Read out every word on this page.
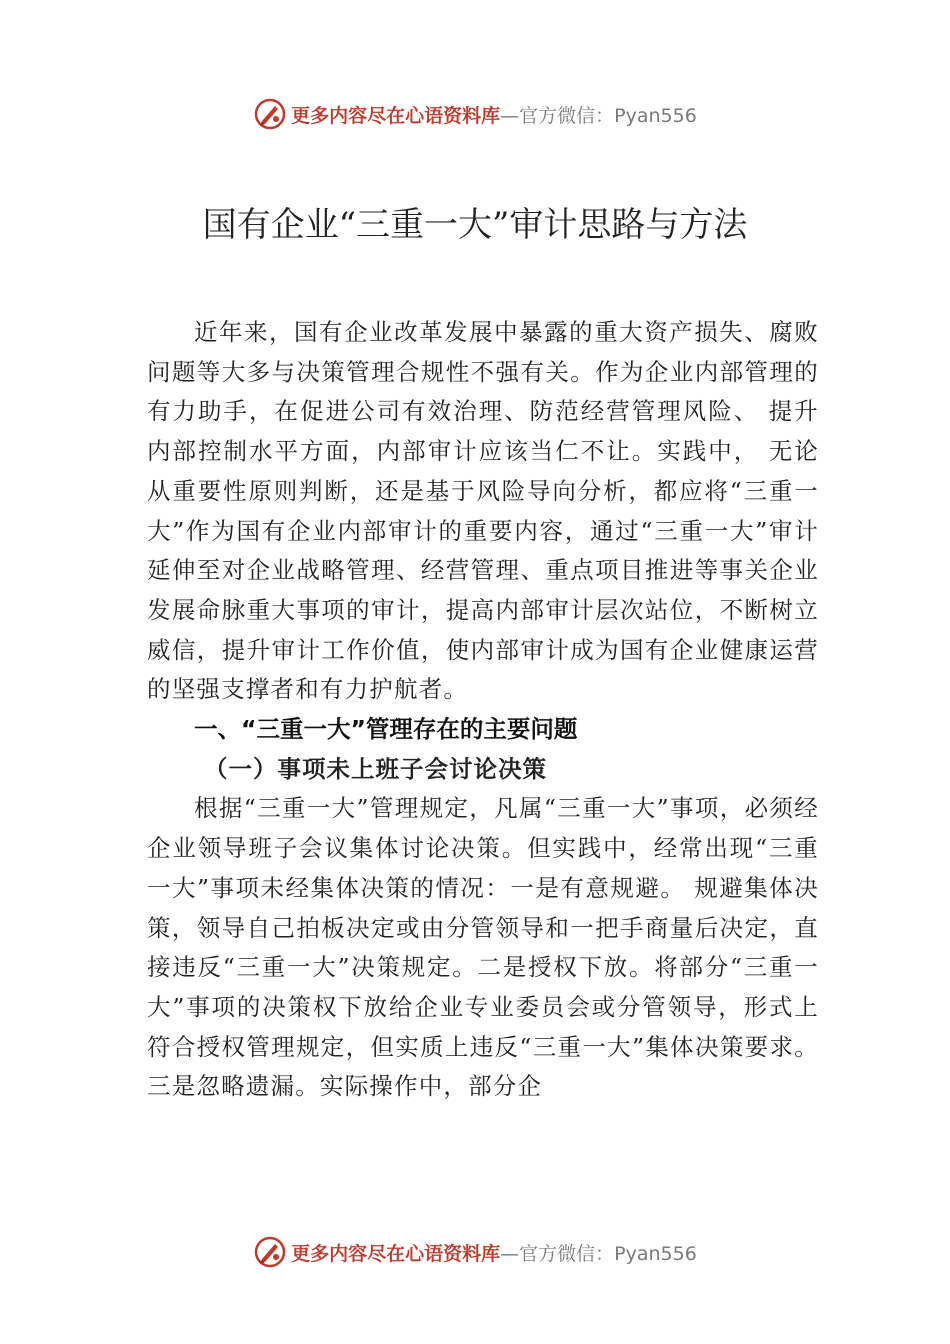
更多内容尽在心语资料库 —官方微信：Pyan556
国有企业“三重一大”审计思路与方法

近年来，国有企业改革发展中暴露的重大资产损失、腐败问题等大多与决策管理合规性不强有关。作为企业内部管理的有力助手，在促进公司有效治理、防范经营管理风险、 提升内部控制水平方面，内部审计应该当仁不让。实践中， 无论从重要性原则判断，还是基于风险导向分析，都应将“三重一大”作为国有企业内部审计的重要内容，通过“三重一大”审计延伸至对企业战略管理、经营管理、重点项目推进等事关企业发展命脉重大事项的审计，提高内部审计层次站位，不断树立威信，提升审计工作价值，使内部审计成为国有企业健康运营的坚强支撑者和有力护航者。

一、“三重一大”管理存在的主要问题

（一）事项未上班子会讨论决策

根据“三重一大”管理规定，凡属“三重一大”事项，必须经企业领导班子会议集体讨论决策。但实践中，经常出现“三重一大”事项未经集体决策的情况：一是有意规避。 规避集体决策，领导自己拍板决定或由分管领导和一把手商量后决定，直接违反“三重一大”决策规定。二是授权下放。将部分“三重一大”事项的决策权下放给企业专业委员会或分管领导，形式上符合授权管理规定，但实质上违反“三重一大”集体决策要求。三是忽略遗漏。实际操作中，部分企

更多内容尽在心语资料库 —官方微信：Pyan556
